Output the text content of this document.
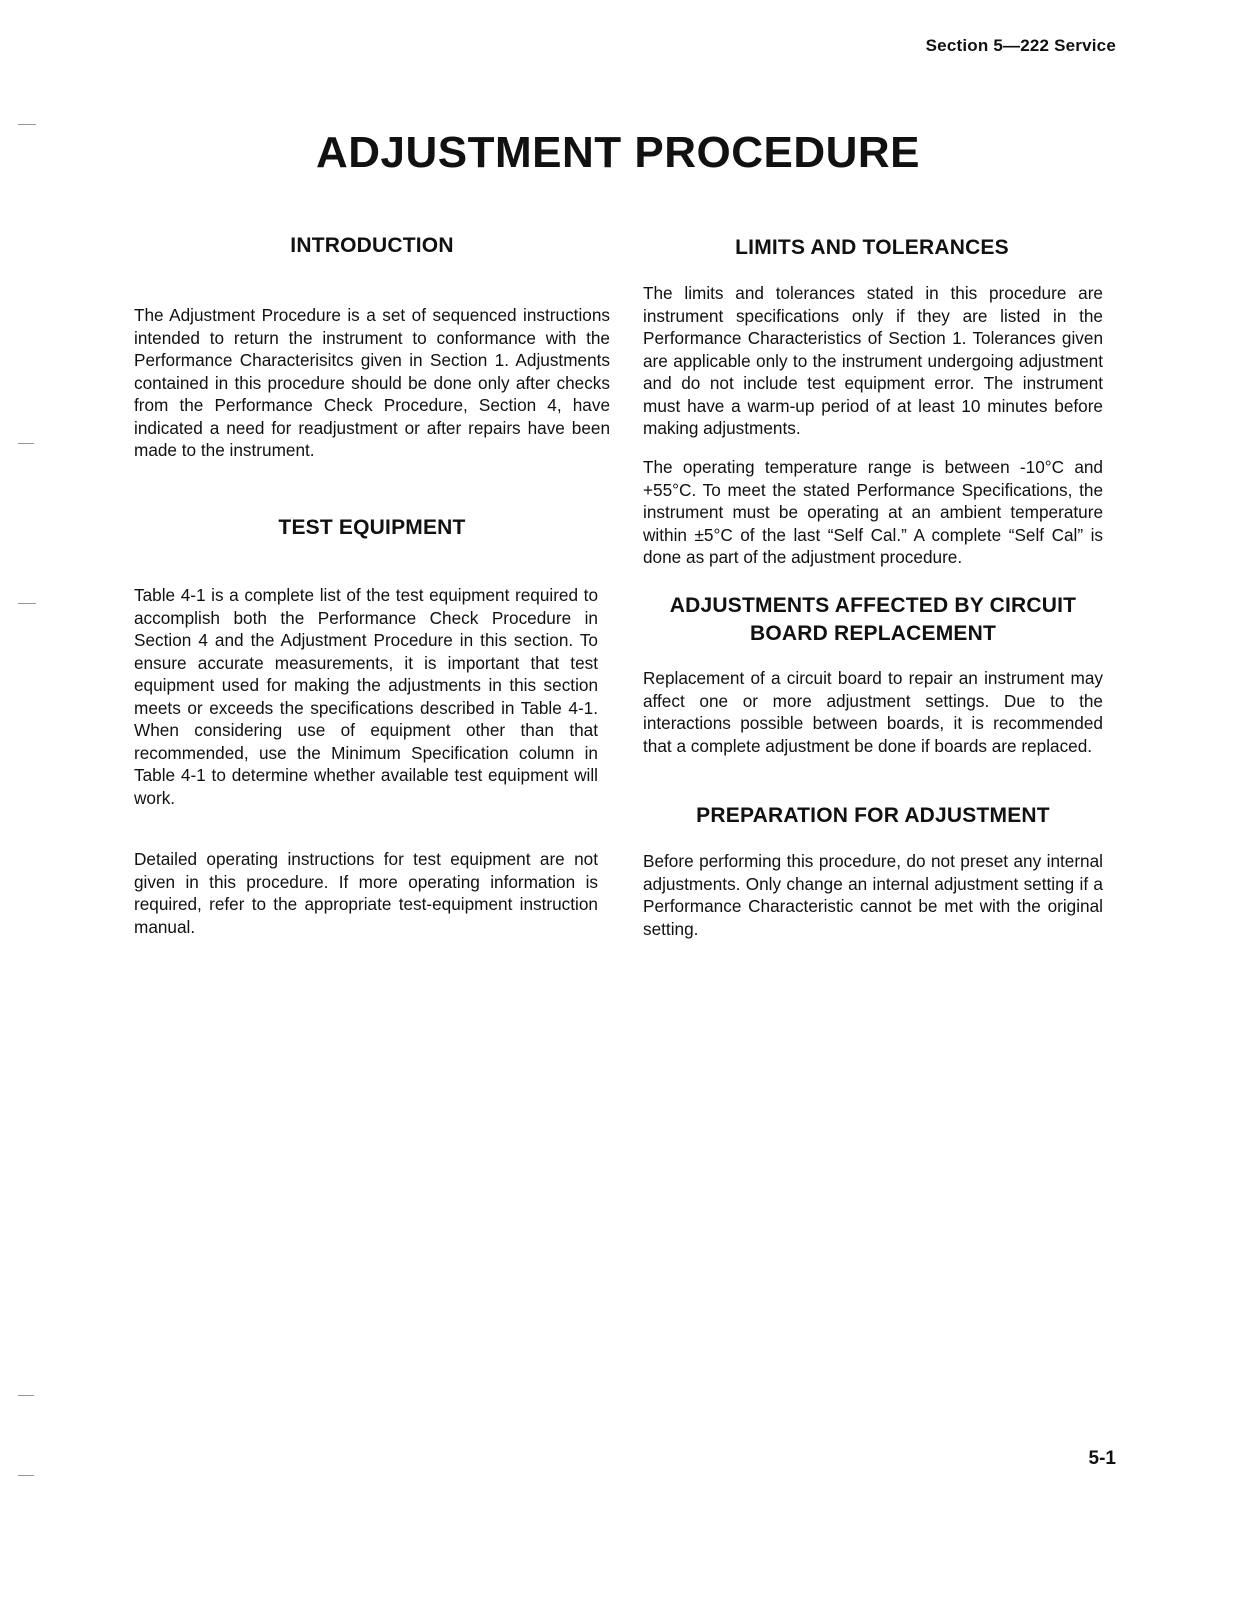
Section 5—222 Service
ADJUSTMENT PROCEDURE
INTRODUCTION

The Adjustment Procedure is a set of sequenced instructions intended to return the instrument to conformance with the Performance Characterisitcs given in Section 1. Adjustments contained in this procedure should be done only after checks from the Performance Check Procedure, Section 4, have indicated a need for readjustment or after repairs have been made to the instrument.

TEST EQUIPMENT

Table 4-1 is a complete list of the test equipment required to accomplish both the Performance Check Procedure in Section 4 and the Adjustment Procedure in this section. To ensure accurate measurements, it is important that test equipment used for making the adjustments in this section meets or exceeds the specifications described in Table 4-1. When considering use of equipment other than that recommended, use the Minimum Specification column in Table 4-1 to determine whether available test equipment will work.

Detailed operating instructions for test equipment are not given in this procedure. If more operating information is required, refer to the appropriate test-equipment instruction manual.

LIMITS AND TOLERANCES

The limits and tolerances stated in this procedure are instrument specifications only if they are listed in the Performance Characteristics of Section 1. Tolerances given are applicable only to the instrument undergoing adjustment and do not include test equipment error. The instrument must have a warm-up period of at least 10 minutes before making adjustments.

The operating temperature range is between -10°C and +55°C. To meet the stated Performance Specifications, the instrument must be operating at an ambient temperature within ±5°C of the last “Self Cal.” A complete “Self Cal” is done as part of the adjustment procedure.

ADJUSTMENTS AFFECTED BY CIRCUIT
BOARD REPLACEMENT

Replacement of a circuit board to repair an instrument may affect one or more adjustment settings. Due to the interactions possible between boards, it is recommended that a complete adjustment be done if boards are replaced.

PREPARATION FOR ADJUSTMENT

Before performing this procedure, do not preset any internal adjustments. Only change an internal adjustment setting if a Performance Characteristic cannot be met with the original setting.

5-1
